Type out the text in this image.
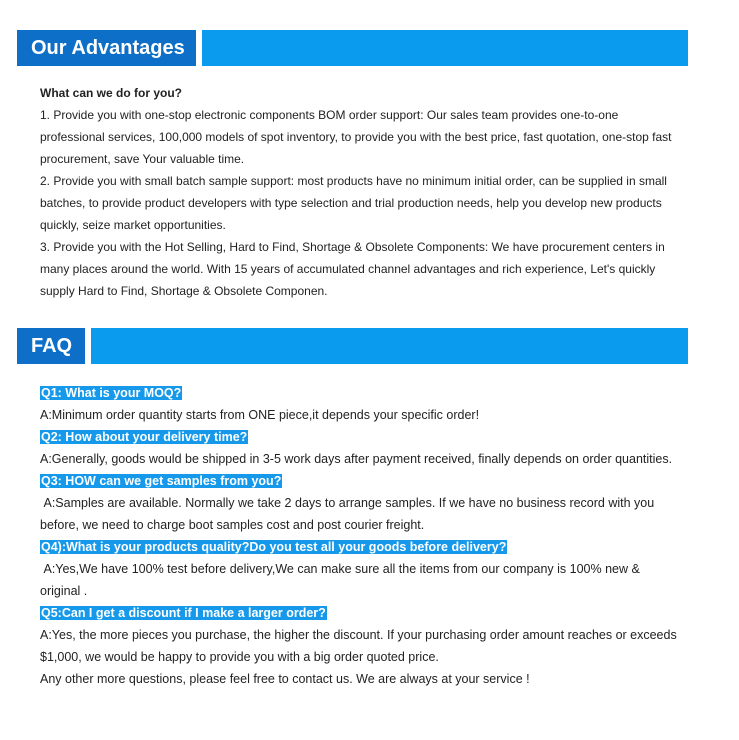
Our Advantages

What can we do for you?

1. Provide you with one-stop electronic components BOM order support: Our sales team provides one-to-one professional services, 100,000 models of spot inventory, to provide you with the best price, fast quotation, one-stop fast procurement, save Your valuable time.

2. Provide you with small batch sample support: most products have no minimum initial order, can be supplied in small batches, to provide product developers with type selection and trial production needs, help you develop new products quickly, seize market opportunities.

3. Provide you with the Hot Selling, Hard to Find, Shortage & Obsolete Components: We have procurement centers in many places around the world. With 15 years of accumulated channel advantages and rich experience, Let's quickly supply Hard to Find, Shortage & Obsolete Componen.

FAQ

Q1: What is your MOQ?

A:Minimum order quantity starts from ONE piece,it depends your specific order!

Q2: How about your delivery time?

A:Generally, goods would be shipped in 3-5 work days after payment received, finally depends on order quantities.

Q3: HOW can we get samples from you?

A:Samples are available. Normally we take 2 days to arrange samples. If we have no business record with you before, we need to charge boot samples cost and post courier freight.

Q4):What is your products quality?Do you test all your goods before delivery?

A:Yes,We have 100% test before delivery,We can make sure all the items from our company is 100% new & original .

Q5:Can I get a discount if I make a larger order?

A:Yes, the more pieces you purchase, the higher the discount. If your purchasing order amount reaches or exceeds $1,000, we would be happy to provide you with a big order quoted price.

Any other more questions, please feel free to contact us. We are always at your service !
